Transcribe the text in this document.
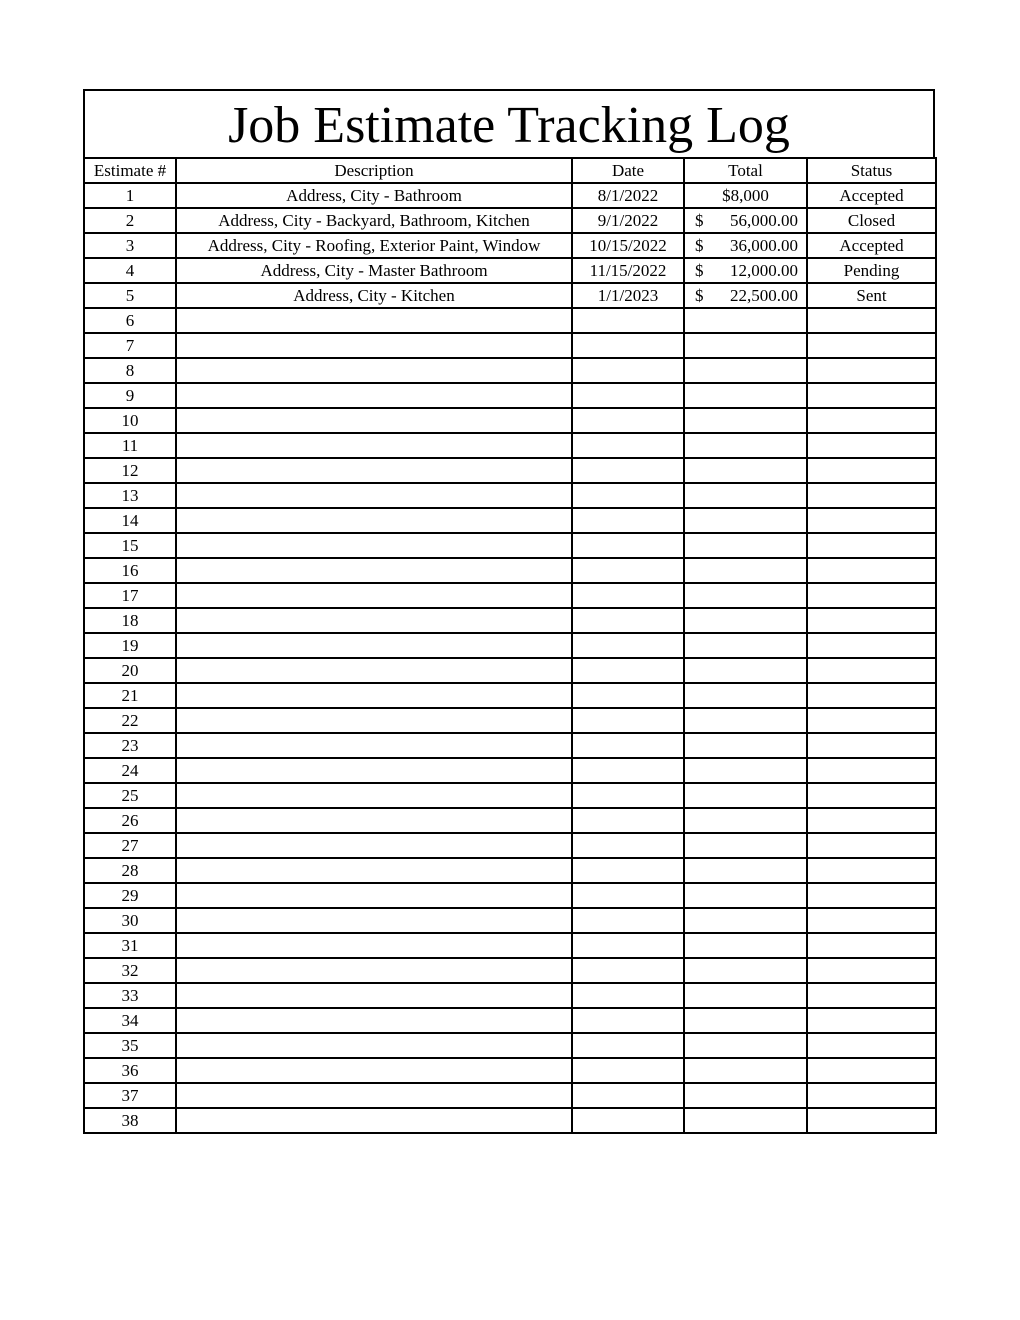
Job Estimate Tracking Log
Estimate #	Description	Date	Total	Status
1	Address, City - Bathroom	8/1/2022	$8,000	Accepted
2	Address, City - Backyard, Bathroom, Kitchen	9/1/2022	$ 56,000.00	Closed
3	Address, City - Roofing, Exterior Paint, Window	10/15/2022	$ 36,000.00	Accepted
4	Address, City - Master Bathroom	11/15/2022	$ 12,000.00	Pending
5	Address, City - Kitchen	1/1/2023	$ 22,500.00	Sent
6				
7				
8				
9				
10				
11				
12				
13				
14				
15				
16				
17				
18				
19				
20				
21				
22				
23				
24				
25				
26				
27				
28				
29				
30				
31				
32				
33				
34				
35				
36				
37				
38				
